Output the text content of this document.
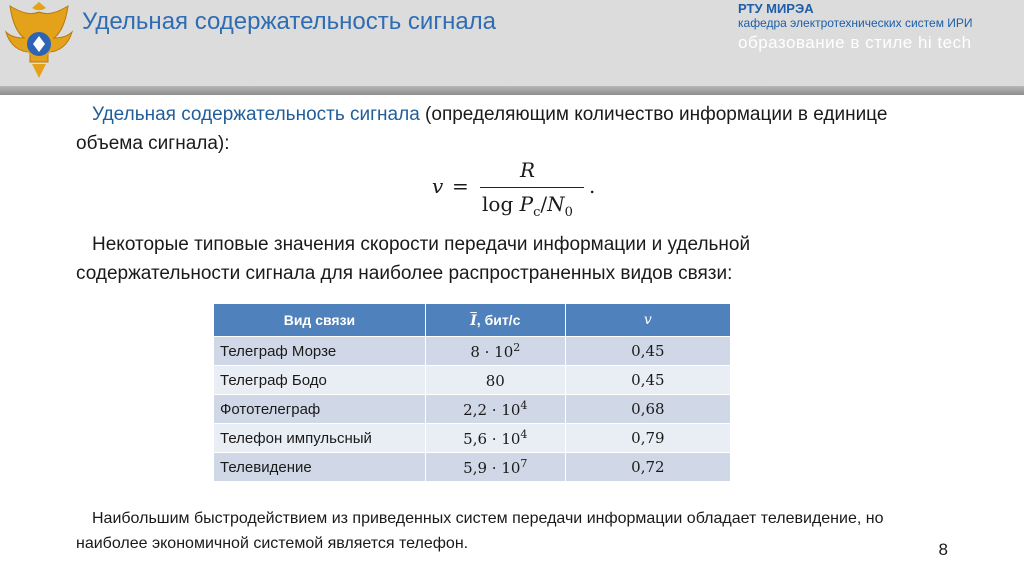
Удельная содержательность сигнала	РТУ МИРЭА
кафедра электротехнических систем ИРИ
образование в стиле hi tech

Удельная содержательность сигнала (определяющим количество информации в единице объема сигнала):

v =
R
$\log P_с/N_0$
.

Некоторые типовые значения скорости передачи информации и удельной содержательности сигнала для наиболее распространенных видов связи:

Вид связи	$\overline{I}$, бит/с	v
Телеграф Морзе	$8 \cdot 10^2$	0,45
Телеграф Бодо	80	0,45
Фототелеграф	$2,2 \cdot 10^4$	0,68
Телефон импульсный	$5,6 \cdot 10^4$	0,79
Телевидение	$5,9 \cdot 10^7$	0,72

Наибольшим быстродействием из приведенных систем передачи информации обладает телевидение, но наиболее экономичной системой является телефон.	8
